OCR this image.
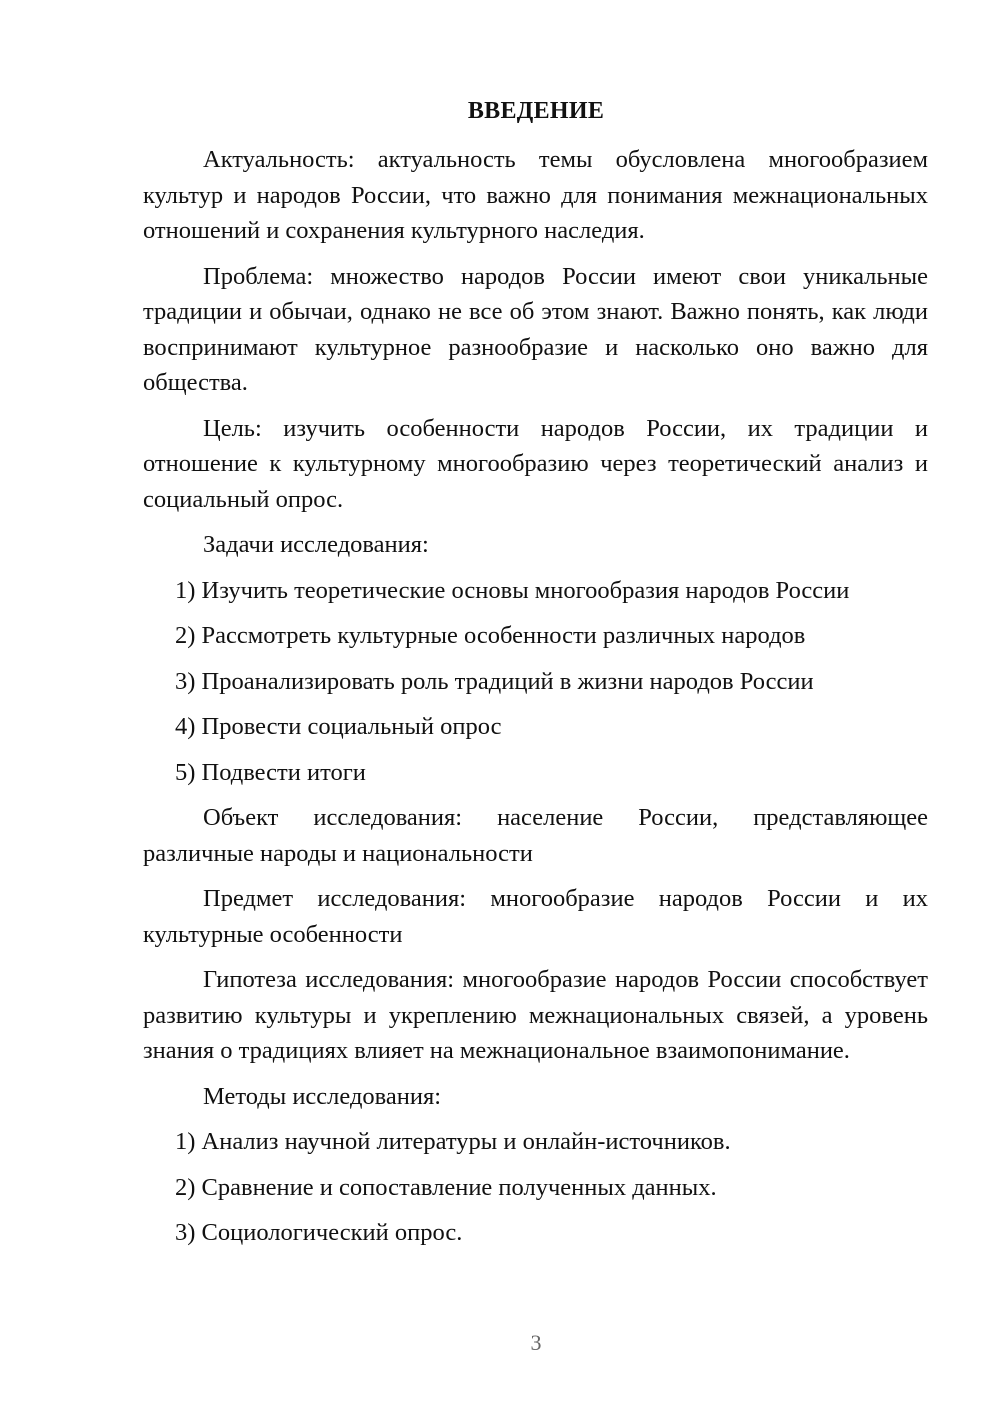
ВВЕДЕНИЕ

Актуальность: актуальность темы обусловлена многообразием культур и народов России, что важно для понимания межнациональных отношений и сохранения культурного наследия.

Проблема: множество народов России имеют свои уникальные традиции и обычаи, однако не все об этом знают. Важно понять, как люди воспринимают культурное разнообразие и насколько оно важно для общества.

Цель: изучить особенности народов России, их традиции и отношение к культурному многообразию через теоретический анализ и социальный опрос.

Задачи исследования:

1) Изучить теоретические основы многообразия народов России
2) Рассмотреть культурные особенности различных народов
3) Проанализировать роль традиций в жизни народов России
4) Провести социальный опрос
5) Подвести итоги

Объект исследования: население России, представляющее различные народы и национальности

Предмет исследования: многообразие народов России и их культурные особенности

Гипотеза исследования: многообразие народов России способствует развитию культуры и укреплению межнациональных связей, а уровень знания о традициях влияет на межнациональное взаимопонимание.

Методы исследования:

1) Анализ научной литературы и онлайн-источников.
2) Сравнение и сопоставление полученных данных.
3) Социологический опрос.
3
